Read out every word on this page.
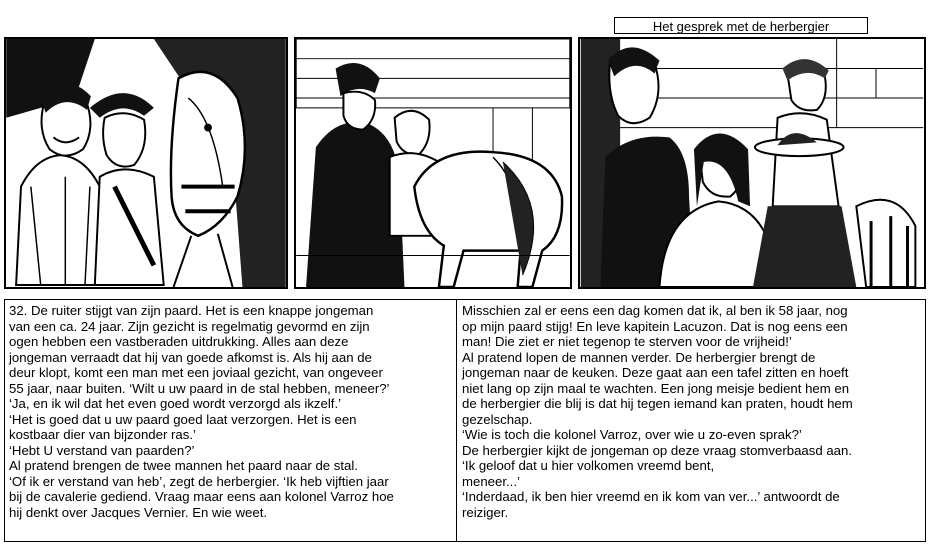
Het gesprek met de herbergier

32. De ruiter stijgt van zijn paard. Het is een knappe jongeman

van een ca. 24 jaar. Zijn gezicht is regelmatig gevormd en zijn

ogen hebben een vastberaden uitdrukking. Alles aan deze

jongeman verraadt dat hij van goede afkomst is. Als hij aan de

deur klopt, komt een man met een joviaal gezicht, van ongeveer

55 jaar, naar buiten. ‘Wilt u uw paard in de stal hebben, meneer?’

‘Ja, en ik wil dat het even goed wordt verzorgd als ikzelf.’

‘Het is goed dat u uw paard goed laat verzorgen. Het is een

kostbaar dier van bijzonder ras.’

‘Hebt U verstand van paarden?’

Al pratend brengen de twee mannen het paard naar de stal.

‘Of ik er verstand van heb’, zegt de herbergier. ‘Ik heb vijftien jaar

bij de cavalerie gediend. Vraag maar eens aan kolonel Varroz hoe

hij denkt over Jacques Vernier. En wie weet.

Misschien zal er eens een dag komen dat ik, al ben ik 58 jaar, nog

op mijn paard stijg! En leve kapitein Lacuzon. Dat is nog eens een

man! Die ziet er niet tegenop te sterven voor de vrijheid!’

Al pratend lopen de mannen verder. De herbergier brengt de

jongeman naar de keuken. Deze gaat aan een tafel zitten en hoeft

niet lang op zijn maal te wachten. Een jong meisje bedient hem en

de herbergier die blij is dat hij tegen iemand kan praten, houdt hem

gezelschap.

‘Wie is toch die kolonel Varroz, over wie u zo-even sprak?’

De herbergier kijkt de jongeman op deze vraag stomverbaasd aan.

‘Ik geloof dat u hier volkomen vreemd bent,

meneer...’

‘Inderdaad, ik ben hier vreemd en ik kom van ver...’ antwoordt de

reiziger.
